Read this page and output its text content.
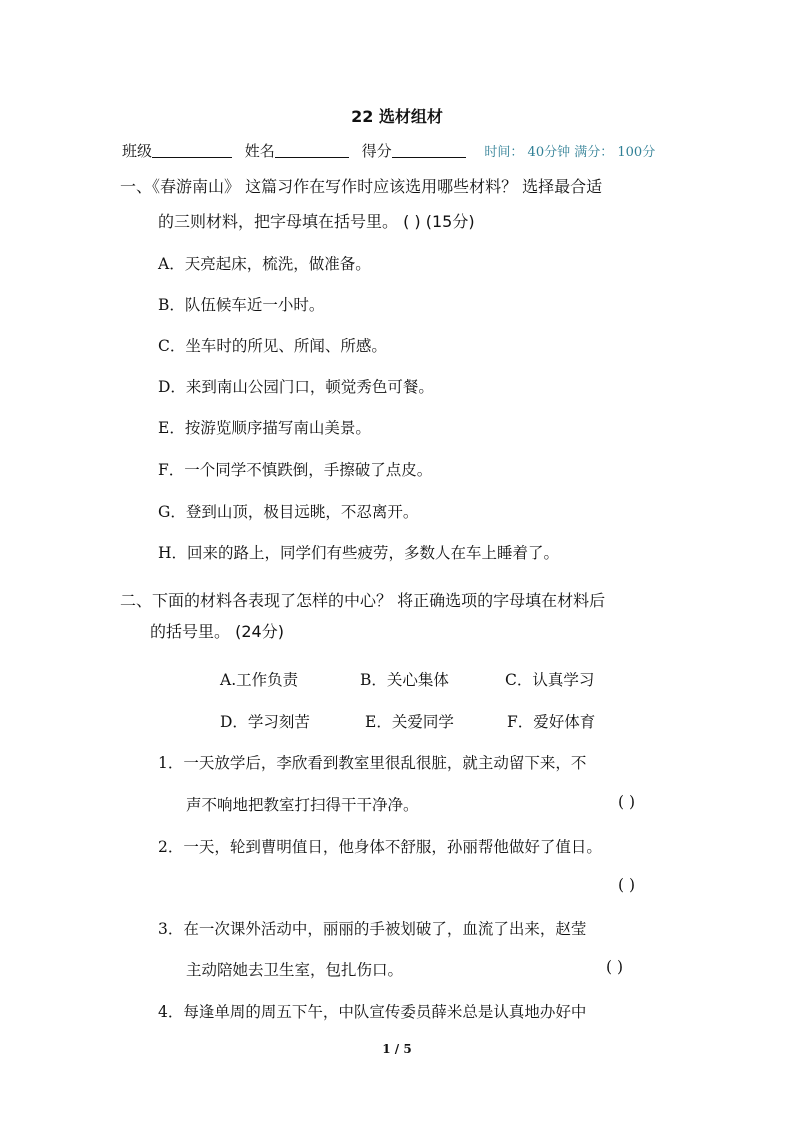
22 选材组材
班级	姓名	得分	时间： 40分钟 满分： 100分
一、《春游南山》 这篇习作在写作时应该选用哪些材料？ 选择最合适
的三则材料，把字母填在括号里。 ( ) (15分)
A．天亮起床，梳洗，做准备。
B．队伍候车近一小时。
C．坐车时的所见、所闻、所感。
D．来到南山公园门口，顿觉秀色可餐。
E．按游览顺序描写南山美景。
F．一个同学不慎跌倒，手擦破了点皮。
G．登到山顶，极目远眺，不忍离开。
H．回来的路上，同学们有些疲劳，多数人在车上睡着了。
二、下面的材料各表现了怎样的中心？ 将正确选项的字母填在材料后
的括号里。 (24分)
A.工作负责	B．关心集体	C．认真学习
D．学习刻苦	E．关爱同学	F．爱好体育
1．一天放学后，李欣看到教室里很乱很脏，就主动留下来，不
声不响地把教室打扫得干干净净。	( )
2．一天，轮到曹明值日，他身体不舒服，孙丽帮他做好了值日。
( )
3．在一次课外活动中，丽丽的手被划破了，血流了出来，赵莹
主动陪她去卫生室，包扎伤口。	( )
4．每逢单周的周五下午，中队宣传委员薛米总是认真地办好中
1 / 5
